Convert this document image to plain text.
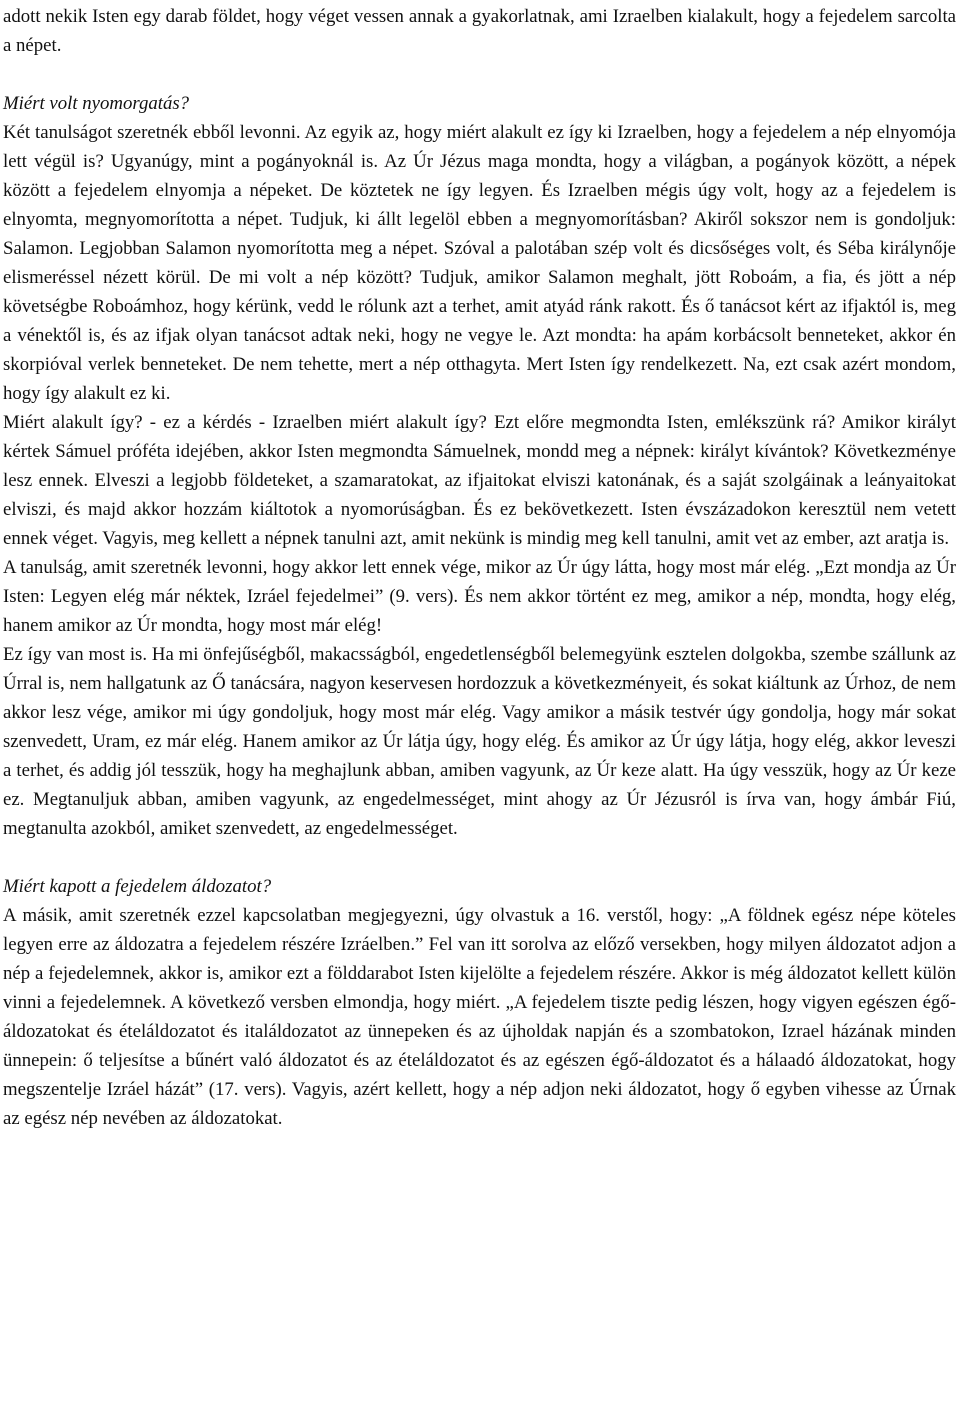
adott nekik Isten egy darab földet, hogy véget vessen annak a gyakorlatnak, ami Izraelben kialakult, hogy a fejedelem sarcolta a népet.

Miért volt nyomorgatás?

Két tanulságot szeretnék ebből levonni. Az egyik az, hogy miért alakult ez így ki Izraelben, hogy a fejedelem a nép elnyomója lett végül is? Ugyanúgy, mint a pogányoknál is. Az Úr Jézus maga mondta, hogy a világban, a pogányok között, a népek között a fejedelem elnyomja a népeket. De köztetek ne így legyen. És Izraelben mégis úgy volt, hogy az a fejedelem is elnyomta, megnyomorította a népet. Tudjuk, ki állt legelöl ebben a megnyomorításban? Akiről sokszor nem is gondoljuk: Salamon. Legjobban Salamon nyomorította meg a népet. Szóval a palotában szép volt és dicsőséges volt, és Séba királynője elismeréssel nézett körül. De mi volt a nép között? Tudjuk, amikor Salamon meghalt, jött Roboám, a fia, és jött a nép követségbe Roboámhoz, hogy kérünk, vedd le rólunk azt a terhet, amit atyád ránk rakott. És ő tanácsot kért az ifjaktól is, meg a vénektől is, és az ifjak olyan tanácsot adtak neki, hogy ne vegye le. Azt mondta: ha apám korbácsolt benneteket, akkor én skorpióval verlek benneteket. De nem tehette, mert a nép otthagyta. Mert Isten így rendelkezett. Na, ezt csak azért mondom, hogy így alakult ez ki.

Miért alakult így? - ez a kérdés - Izraelben miért alakult így? Ezt előre megmondta Isten, emlékszünk rá? Amikor királyt kértek Sámuel próféta idejében, akkor Isten megmondta Sámuelnek, mondd meg a népnek: királyt kívántok? Következménye lesz ennek. Elveszi a legjobb földeteket, a szamaratokat, az ifjaitokat elviszi katonának, és a saját szolgáinak a leányaitokat elviszi, és majd akkor hozzám kiáltotok a nyomorúságban. És ez bekövetkezett. Isten évszázadokon keresztül nem vetett ennek véget. Vagyis, meg kellett a népnek tanulni azt, amit nekünk is mindig meg kell tanulni, amit vet az ember, azt aratja is.

A tanulság, amit szeretnék levonni, hogy akkor lett ennek vége, mikor az Úr úgy látta, hogy most már elég. „Ezt mondja az Úr Isten: Legyen elég már néktek, Izráel fejedelmei” (9. vers). És nem akkor történt ez meg, amikor a nép, mondta, hogy elég, hanem amikor az Úr mondta, hogy most már elég!

Ez így van most is. Ha mi önfejűségből, makacsságból, engedetlenségből belemegyünk esztelen dolgokba, szembe szállunk az Úrral is, nem hallgatunk az Ő tanácsára, nagyon keservesen hordozzuk a következményeit, és sokat kiáltunk az Úrhoz, de nem akkor lesz vége, amikor mi úgy gondoljuk, hogy most már elég. Vagy amikor a másik testvér úgy gondolja, hogy már sokat szenvedett, Uram, ez már elég. Hanem amikor az Úr látja úgy, hogy elég. És amikor az Úr úgy látja, hogy elég, akkor leveszi a terhet, és addig jól tesszük, hogy ha meghajlunk abban, amiben vagyunk, az Úr keze alatt. Ha úgy vesszük, hogy az Úr keze ez. Megtanuljuk abban, amiben vagyunk, az engedelmességet, mint ahogy az Úr Jézusról is írva van, hogy ámbár Fiú, megtanulta azokból, amiket szenvedett, az engedelmességet.

Miért kapott a fejedelem áldozatot?

A másik, amit szeretnék ezzel kapcsolatban megjegyezni, úgy olvastuk a 16. verstől, hogy: „A földnek egész népe köteles legyen erre az áldozatra a fejedelem részére Izráelben.” Fel van itt sorolva az előző versekben, hogy milyen áldozatot adjon a nép a fejedelemnek, akkor is, amikor ezt a földdarabot Isten kijelölte a fejedelem részére. Akkor is még áldozatot kellett külön vinni a fejedelemnek. A következő versben elmondja, hogy miért. „A fejedelem tiszte pedig lészen, hogy vigyen egészen égő-áldozatokat és ételáldozatot és italáldozatot az ünnepeken és az újholdak napján és a szombatokon, Izrael házának minden ünnepein: ő teljesítse a bűnért való áldozatot és az ételáldozatot és az egészen égő-áldozatot és a hálaadó áldozatokat, hogy megszentelje Izráel házát” (17. vers). Vagyis, azért kellett, hogy a nép adjon neki áldozatot, hogy ő egyben vihesse az Úrnak az egész nép nevében az áldozatokat.
